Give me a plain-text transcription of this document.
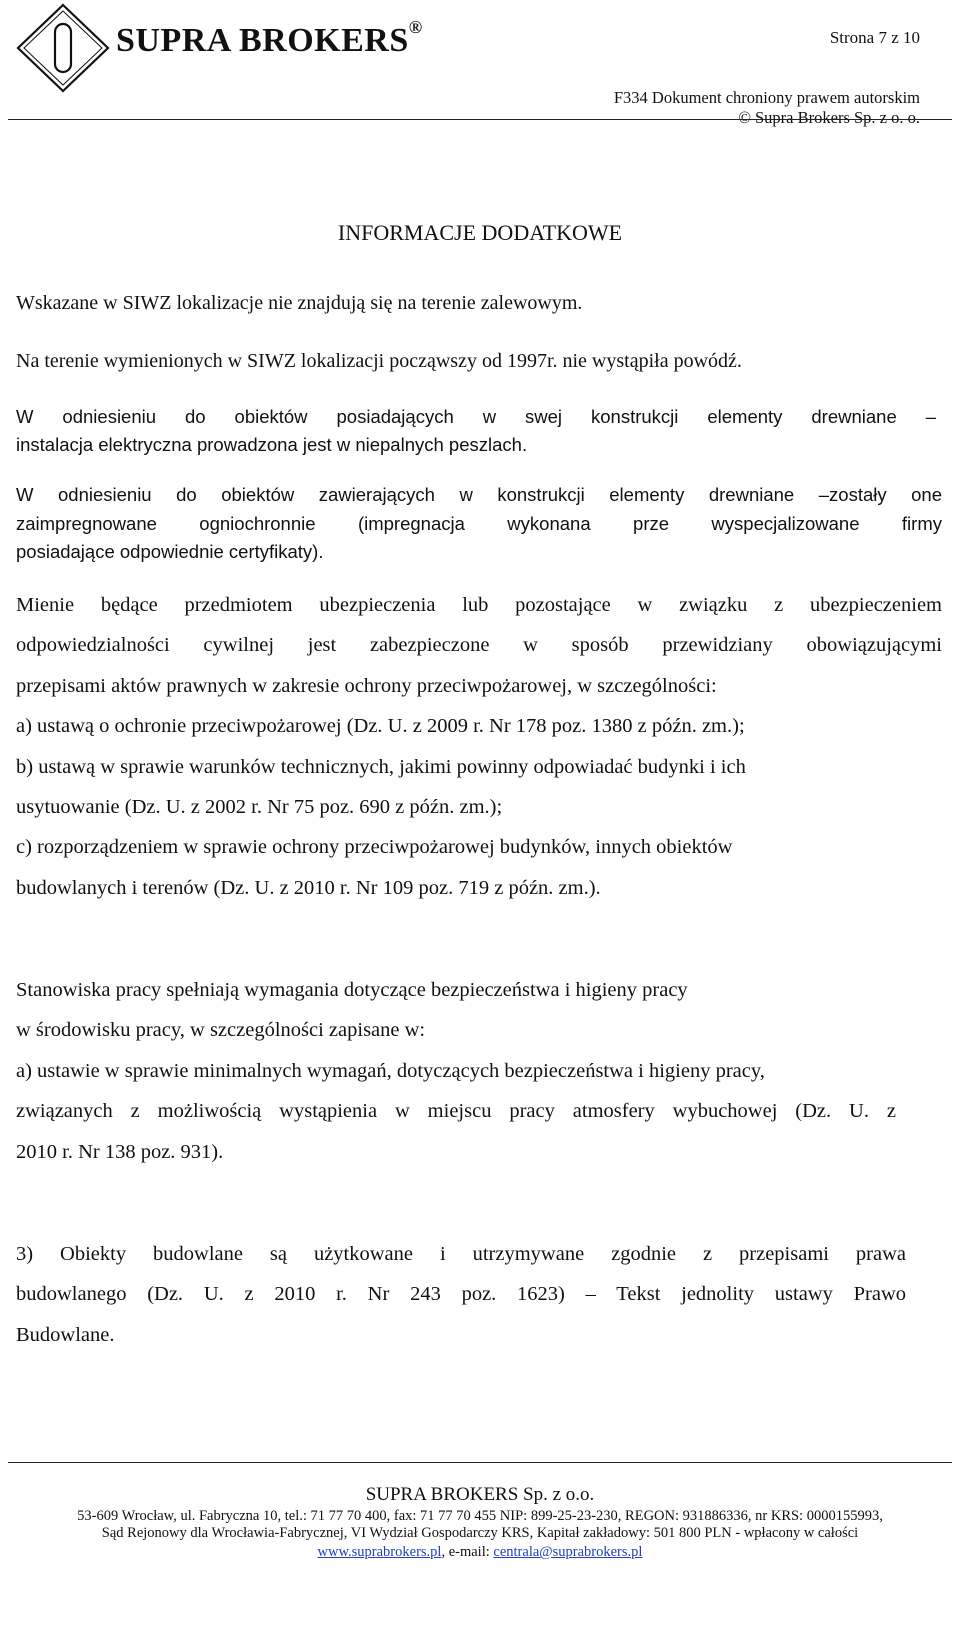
SUPRA BROKERS®
Strona 7 z 10
F334 Dokument chroniony prawem autorskim
© Supra Brokers Sp. z o. o.
INFORMACJE DODATKOWE
Wskazane w SIWZ lokalizacje nie znajdują się na terenie zalewowym.
Na terenie wymienionych w SIWZ lokalizacji począwszy od 1997r. nie wystąpiła powódź.
W odniesieniu do obiektów posiadających w swej konstrukcji elementy drewniane –
instalacja elektryczna prowadzona jest w niepalnych peszlach.
W odniesieniu do obiektów zawierających w konstrukcji elementy drewniane –zostały one
zaimpregnowane ogniochronnie (impregnacja wykonana prze wyspecjalizowane firmy
posiadające odpowiednie certyfikaty).
Mienie będące przedmiotem ubezpieczenia lub pozostające w związku z ubezpieczeniem
odpowiedzialności cywilnej jest zabezpieczone w sposób przewidziany obowiązującymi
przepisami aktów prawnych w zakresie ochrony przeciwpożarowej, w szczególności:
a) ustawą o ochronie przeciwpożarowej (Dz. U. z 2009 r. Nr 178 poz. 1380 z późn. zm.);
b) ustawą w sprawie warunków technicznych, jakimi powinny odpowiadać budynki i ich
usytuowanie (Dz. U. z 2002 r. Nr 75 poz. 690 z późn. zm.);
c) rozporządzeniem w sprawie ochrony przeciwpożarowej budynków, innych obiektów
budowlanych i terenów (Dz. U. z 2010 r. Nr 109 poz. 719 z późn. zm.).
Stanowiska pracy spełniają wymagania dotyczące bezpieczeństwa i higieny pracy
w środowisku pracy, w szczególności zapisane w:
a) ustawie w sprawie minimalnych wymagań, dotyczących bezpieczeństwa i higieny pracy,
związanych z możliwością wystąpienia w miejscu pracy atmosfery wybuchowej (Dz. U. z
2010 r. Nr 138 poz. 931).
3) Obiekty budowlane są użytkowane i utrzymywane zgodnie z przepisami prawa
budowlanego (Dz. U. z 2010 r. Nr 243 poz. 1623) – Tekst jednolity ustawy Prawo
Budowlane.
SUPRA BROKERS Sp. z o.o.
53-609 Wrocław, ul. Fabryczna 10, tel.: 71 77 70 400, fax: 71 77 70 455 NIP: 899-25-23-230, REGON: 931886336, nr KRS: 0000155993,
Sąd Rejonowy dla Wrocławia-Fabrycznej, VI Wydział Gospodarczy KRS, Kapitał zakładowy: 501 800 PLN - wpłacony w całości
www.suprabrokers.pl, e-mail: centrala@suprabrokers.pl
